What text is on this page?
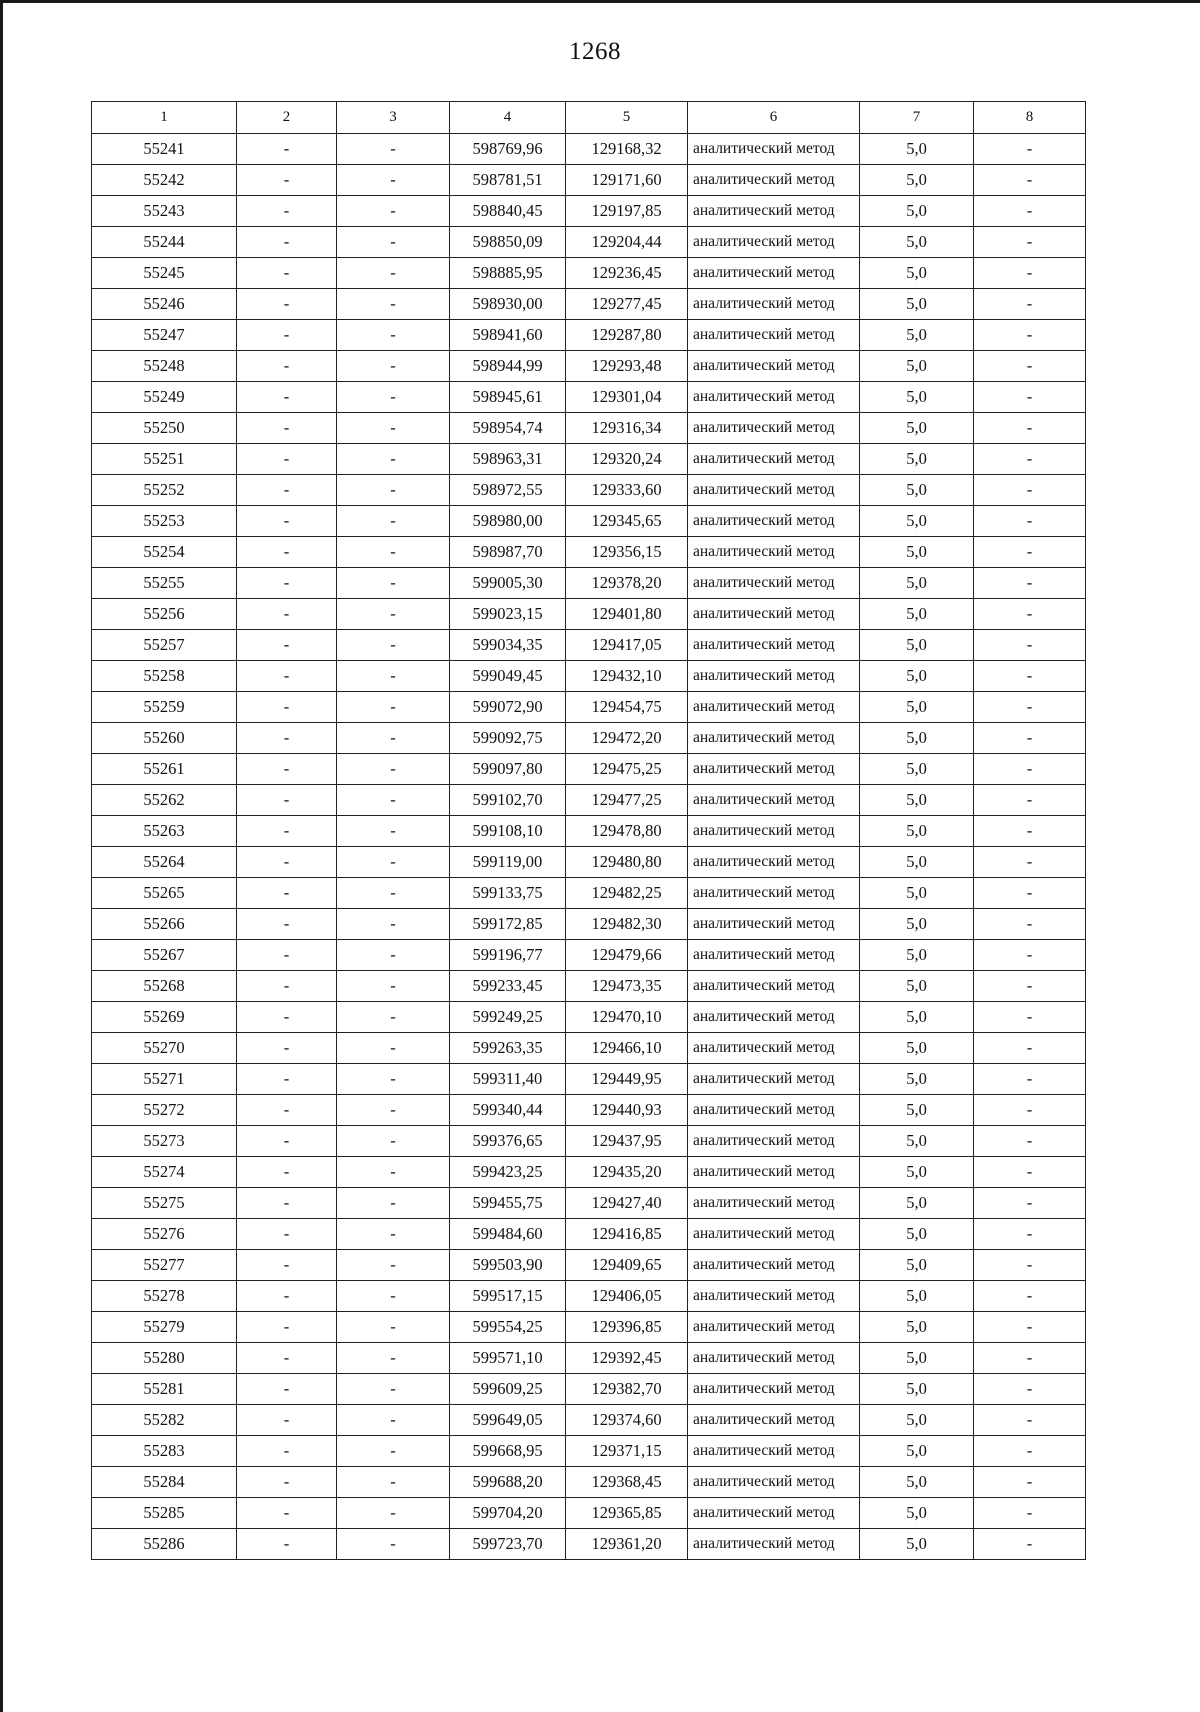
1268
1	2	3	4	5	6	7	8
55241	-	-	598769,96	129168,32	аналитический метод	5,0	-
55242	-	-	598781,51	129171,60	аналитический метод	5,0	-
55243	-	-	598840,45	129197,85	аналитический метод	5,0	-
55244	-	-	598850,09	129204,44	аналитический метод	5,0	-
55245	-	-	598885,95	129236,45	аналитический метод	5,0	-
55246	-	-	598930,00	129277,45	аналитический метод	5,0	-
55247	-	-	598941,60	129287,80	аналитический метод	5,0	-
55248	-	-	598944,99	129293,48	аналитический метод	5,0	-
55249	-	-	598945,61	129301,04	аналитический метод	5,0	-
55250	-	-	598954,74	129316,34	аналитический метод	5,0	-
55251	-	-	598963,31	129320,24	аналитический метод	5,0	-
55252	-	-	598972,55	129333,60	аналитический метод	5,0	-
55253	-	-	598980,00	129345,65	аналитический метод	5,0	-
55254	-	-	598987,70	129356,15	аналитический метод	5,0	-
55255	-	-	599005,30	129378,20	аналитический метод	5,0	-
55256	-	-	599023,15	129401,80	аналитический метод	5,0	-
55257	-	-	599034,35	129417,05	аналитический метод	5,0	-
55258	-	-	599049,45	129432,10	аналитический метод	5,0	-
55259	-	-	599072,90	129454,75	аналитический метод	5,0	-
55260	-	-	599092,75	129472,20	аналитический метод	5,0	-
55261	-	-	599097,80	129475,25	аналитический метод	5,0	-
55262	-	-	599102,70	129477,25	аналитический метод	5,0	-
55263	-	-	599108,10	129478,80	аналитический метод	5,0	-
55264	-	-	599119,00	129480,80	аналитический метод	5,0	-
55265	-	-	599133,75	129482,25	аналитический метод	5,0	-
55266	-	-	599172,85	129482,30	аналитический метод	5,0	-
55267	-	-	599196,77	129479,66	аналитический метод	5,0	-
55268	-	-	599233,45	129473,35	аналитический метод	5,0	-
55269	-	-	599249,25	129470,10	аналитический метод	5,0	-
55270	-	-	599263,35	129466,10	аналитический метод	5,0	-
55271	-	-	599311,40	129449,95	аналитический метод	5,0	-
55272	-	-	599340,44	129440,93	аналитический метод	5,0	-
55273	-	-	599376,65	129437,95	аналитический метод	5,0	-
55274	-	-	599423,25	129435,20	аналитический метод	5,0	-
55275	-	-	599455,75	129427,40	аналитический метод	5,0	-
55276	-	-	599484,60	129416,85	аналитический метод	5,0	-
55277	-	-	599503,90	129409,65	аналитический метод	5,0	-
55278	-	-	599517,15	129406,05	аналитический метод	5,0	-
55279	-	-	599554,25	129396,85	аналитический метод	5,0	-
55280	-	-	599571,10	129392,45	аналитический метод	5,0	-
55281	-	-	599609,25	129382,70	аналитический метод	5,0	-
55282	-	-	599649,05	129374,60	аналитический метод	5,0	-
55283	-	-	599668,95	129371,15	аналитический метод	5,0	-
55284	-	-	599688,20	129368,45	аналитический метод	5,0	-
55285	-	-	599704,20	129365,85	аналитический метод	5,0	-
55286	-	-	599723,70	129361,20	аналитический метод	5,0	-
